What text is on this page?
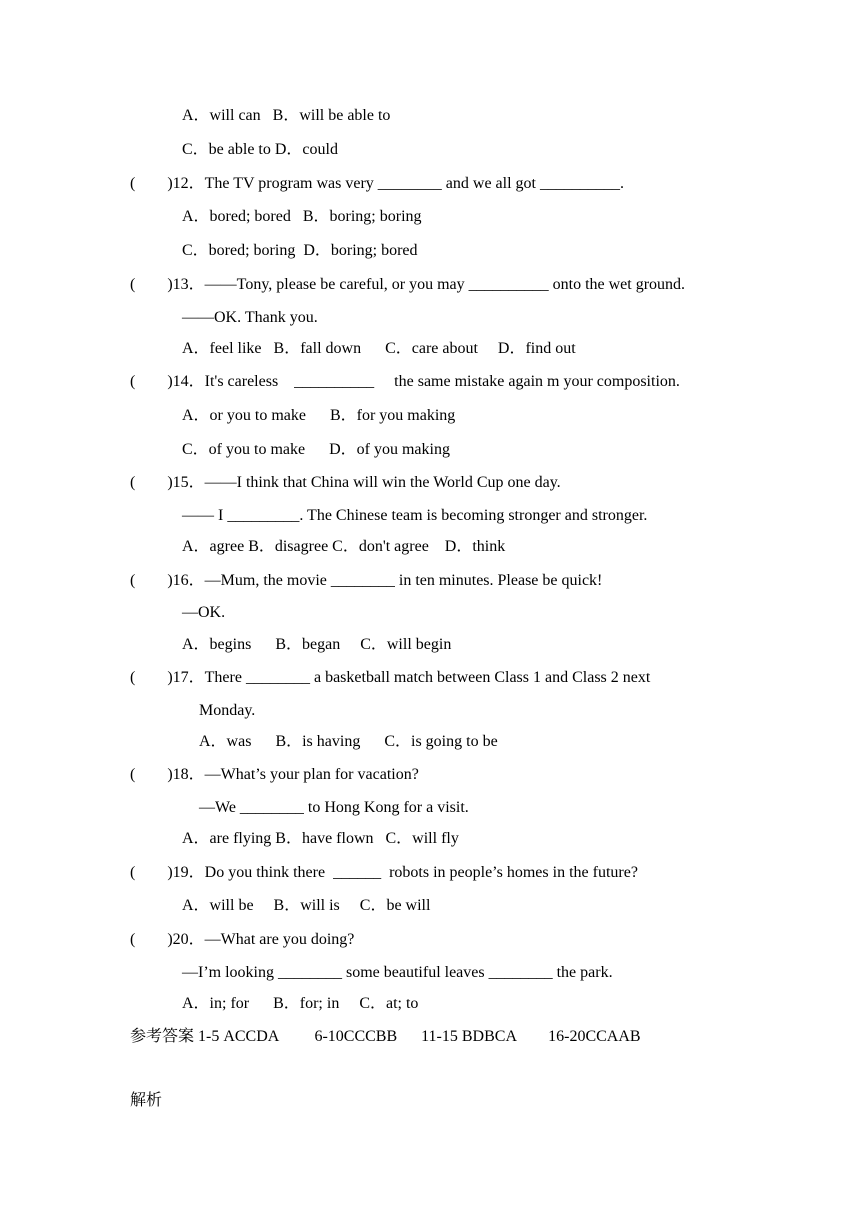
A．will can   B．will be able to
C．be able to D．could
(        )12．The TV program was very ________ and we all got __________.
A．bored; bored   B．boring; boring
C．bored; boring  D．boring; bored
(        )13．——Tony, please be careful, or you may __________ onto the wet ground.
——OK. Thank you.
A．feel like   B．fall down      C．care about     D．find out
(        )14．It's careless    __________     the same mistake again m your composition.
A．or you to make      B．for you making
C．of you to make      D．of you making
(        )15．——I think that China will win the World Cup one day.
—— I _________. The Chinese team is becoming stronger and stronger.
A．agree B．disagree C．don't agree    D．think
(        )16．—Mum, the movie ________ in ten minutes. Please be quick!
—OK.
A．begins      B．began     C．will begin
(        )17．There ________ a basketball match between Class 1 and Class 2 next
Monday.
A．was      B．is having      C．is going to be
(        )18．—What’s your plan for vacation?
—We ________ to Hong Kong for a visit.
A．are flying B．have flown   C．will fly
(        )19．Do you think there  ______  robots in people’s homes in the future?
A．will be     B．will is     C．be will
(        )20．—What are you doing?
—I’m looking ________ some beautiful leaves ________ the park.
A．in; for      B．for; in     C．at; to
参考答案 1-5 ACCDA         6-10CCCBB      11-15 BDBCA        16-20CCAAB
解析
